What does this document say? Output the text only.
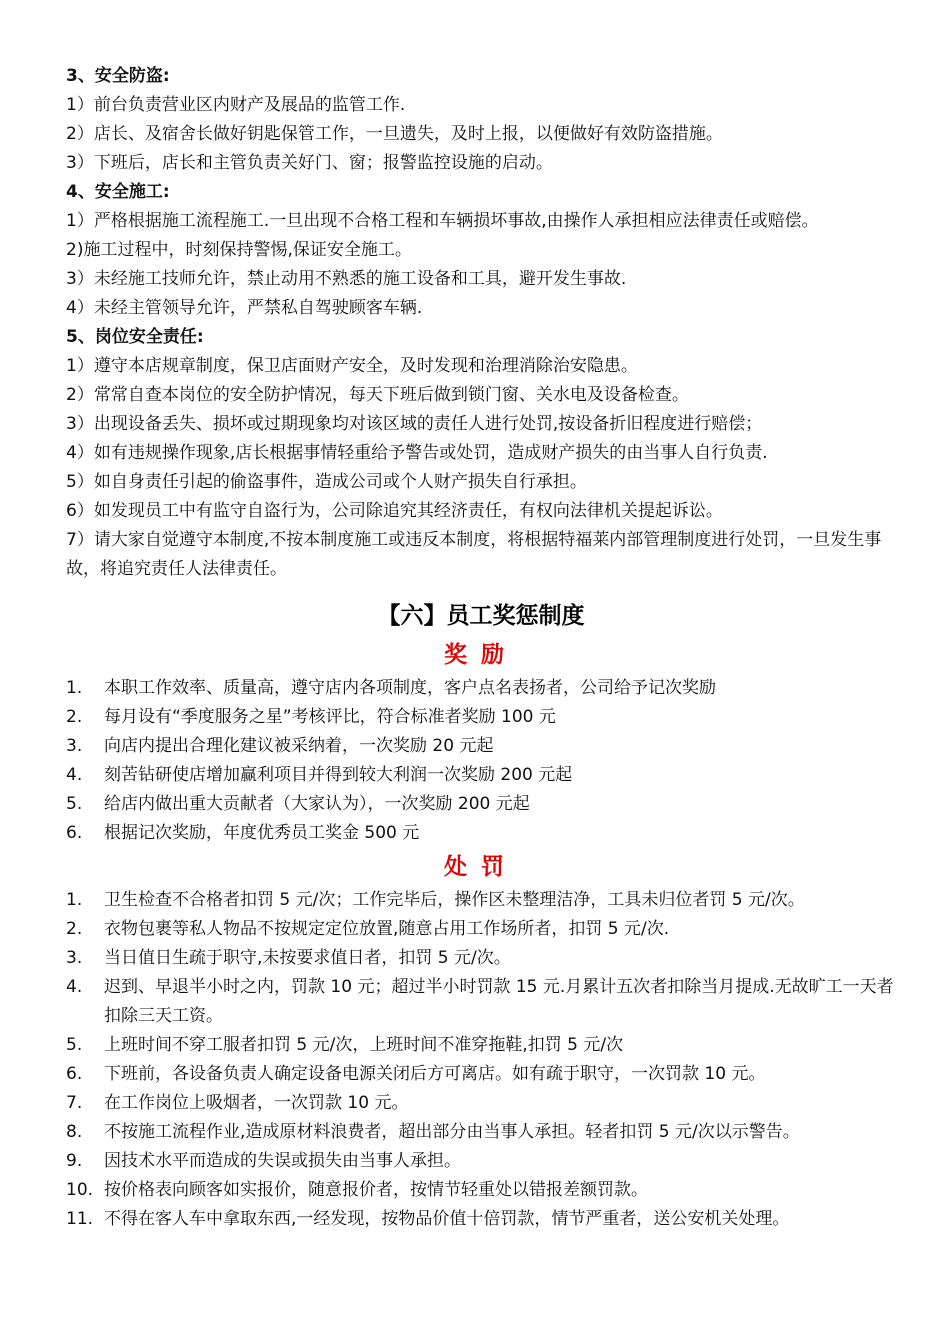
3、安全防盗:
1）前台负责营业区内财产及展品的监管工作.
2）店长、及宿舍长做好钥匙保管工作，一旦遗失，及时上报，以便做好有效防盗措施。
3）下班后，店长和主管负责关好门、窗；报警监控设施的启动。
4、安全施工:
1）严格根据施工流程施工.一旦出现不合格工程和车辆损坏事故,由操作人承担相应法律责任或赔偿。
2)施工过程中，时刻保持警惕,保证安全施工。
3）未经施工技师允许，禁止动用不熟悉的施工设备和工具，避开发生事故.
4）未经主管领导允许，严禁私自驾驶顾客车辆.
5、岗位安全责任:
1）遵守本店规章制度，保卫店面财产安全，及时发现和治理消除治安隐患。
2）常常自查本岗位的安全防护情况，每天下班后做到锁门窗、关水电及设备检查。
3）出现设备丢失、损坏或过期现象均对该区域的责任人进行处罚,按设备折旧程度进行赔偿；
4）如有违规操作现象,店长根据事情轻重给予警告或处罚，造成财产损失的由当事人自行负责.
5）如自身责任引起的偷盗事件，造成公司或个人财产损失自行承担。
6）如发现员工中有监守自盗行为，公司除追究其经济责任，有权向法律机关提起诉讼。
7）请大家自觉遵守本制度,不按本制度施工或违反本制度，将根据特福莱内部管理制度进行处罚，一旦发生事故，将追究责任人法律责任。
【六】员工奖惩制度
奖励
1. 本职工作效率、质量高，遵守店内各项制度，客户点名表扬者，公司给予记次奖励
2. 每月设有“季度服务之星”考核评比，符合标准者奖励 100 元
3. 向店内提出合理化建议被采纳着，一次奖励 20 元起
4. 刻苦钻研使店增加赢利项目并得到较大利润一次奖励 200 元起
5. 给店内做出重大贡献者（大家认为），一次奖励 200 元起
6. 根据记次奖励，年度优秀员工奖金 500 元
处罚
1. 卫生检查不合格者扣罚 5 元/次；工作完毕后，操作区未整理洁净，工具未归位者罚 5 元/次。
2. 衣物包裹等私人物品不按规定定位放置,随意占用工作场所者，扣罚 5 元/次.
3. 当日值日生疏于职守,未按要求值日者，扣罚 5 元/次。
4. 迟到、早退半小时之内，罚款 10 元；超过半小时罚款 15 元.月累计五次者扣除当月提成.无故旷工一天者扣除三天工资。
5. 上班时间不穿工服者扣罚 5 元/次，上班时间不准穿拖鞋,扣罚 5 元/次
6. 下班前，各设备负责人确定设备电源关闭后方可离店。如有疏于职守，一次罚款 10 元。
7. 在工作岗位上吸烟者，一次罚款 10 元。
8. 不按施工流程作业,造成原材料浪费者，超出部分由当事人承担。轻者扣罚 5 元/次以示警告。
9. 因技术水平而造成的失误或损失由当事人承担。
10. 按价格表向顾客如实报价，随意报价者，按情节轻重处以错报差额罚款。
11. 不得在客人车中拿取东西,一经发现，按物品价值十倍罚款，情节严重者，送公安机关处理。
